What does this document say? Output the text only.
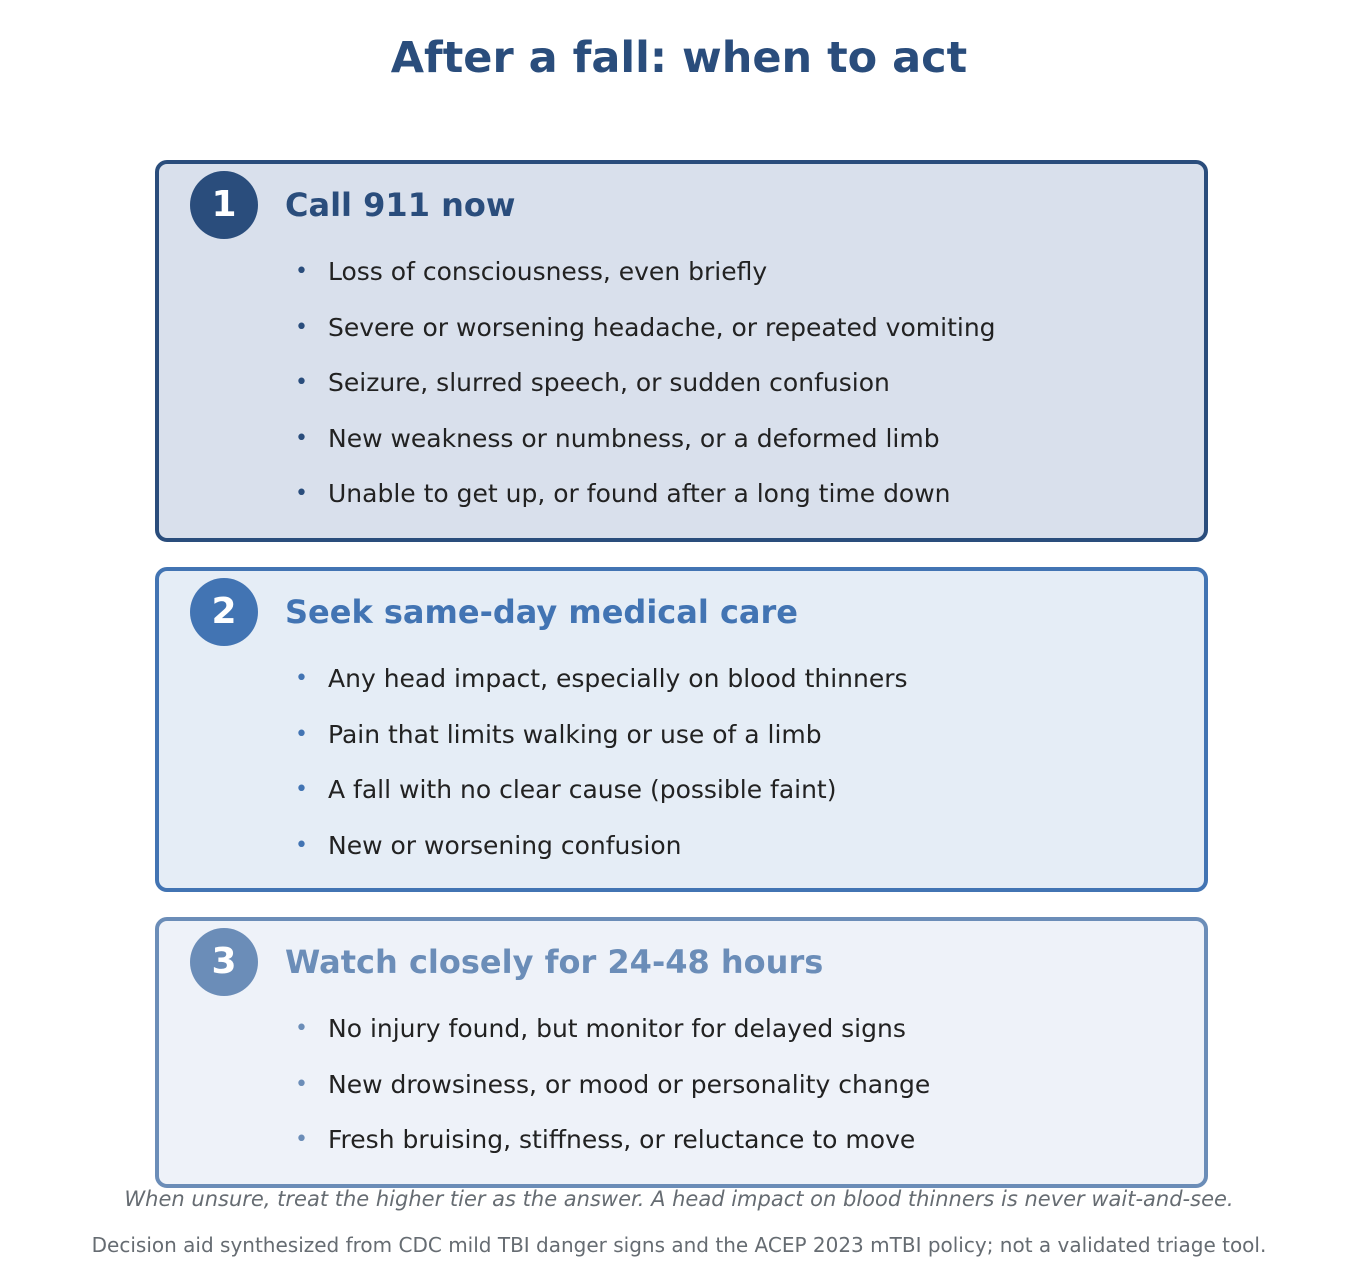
After a fall: when to act
1	Call 911 now
• Loss of consciousness, even briefly
• Severe or worsening headache, or repeated vomiting
• Seizure, slurred speech, or sudden confusion
• New weakness or numbness, or a deformed limb
• Unable to get up, or found after a long time down
2	Seek same-day medical care
• Any head impact, especially on blood thinners
• Pain that limits walking or use of a limb
• A fall with no clear cause (possible faint)
• New or worsening confusion
3	Watch closely for 24-48 hours
• No injury found, but monitor for delayed signs
• New drowsiness, or mood or personality change
• Fresh bruising, stiffness, or reluctance to move
When unsure, treat the higher tier as the answer. A head impact on blood thinners is never wait-and-see.
Decision aid synthesized from CDC mild TBI danger signs and the ACEP 2023 mTBI policy; not a validated triage tool.
